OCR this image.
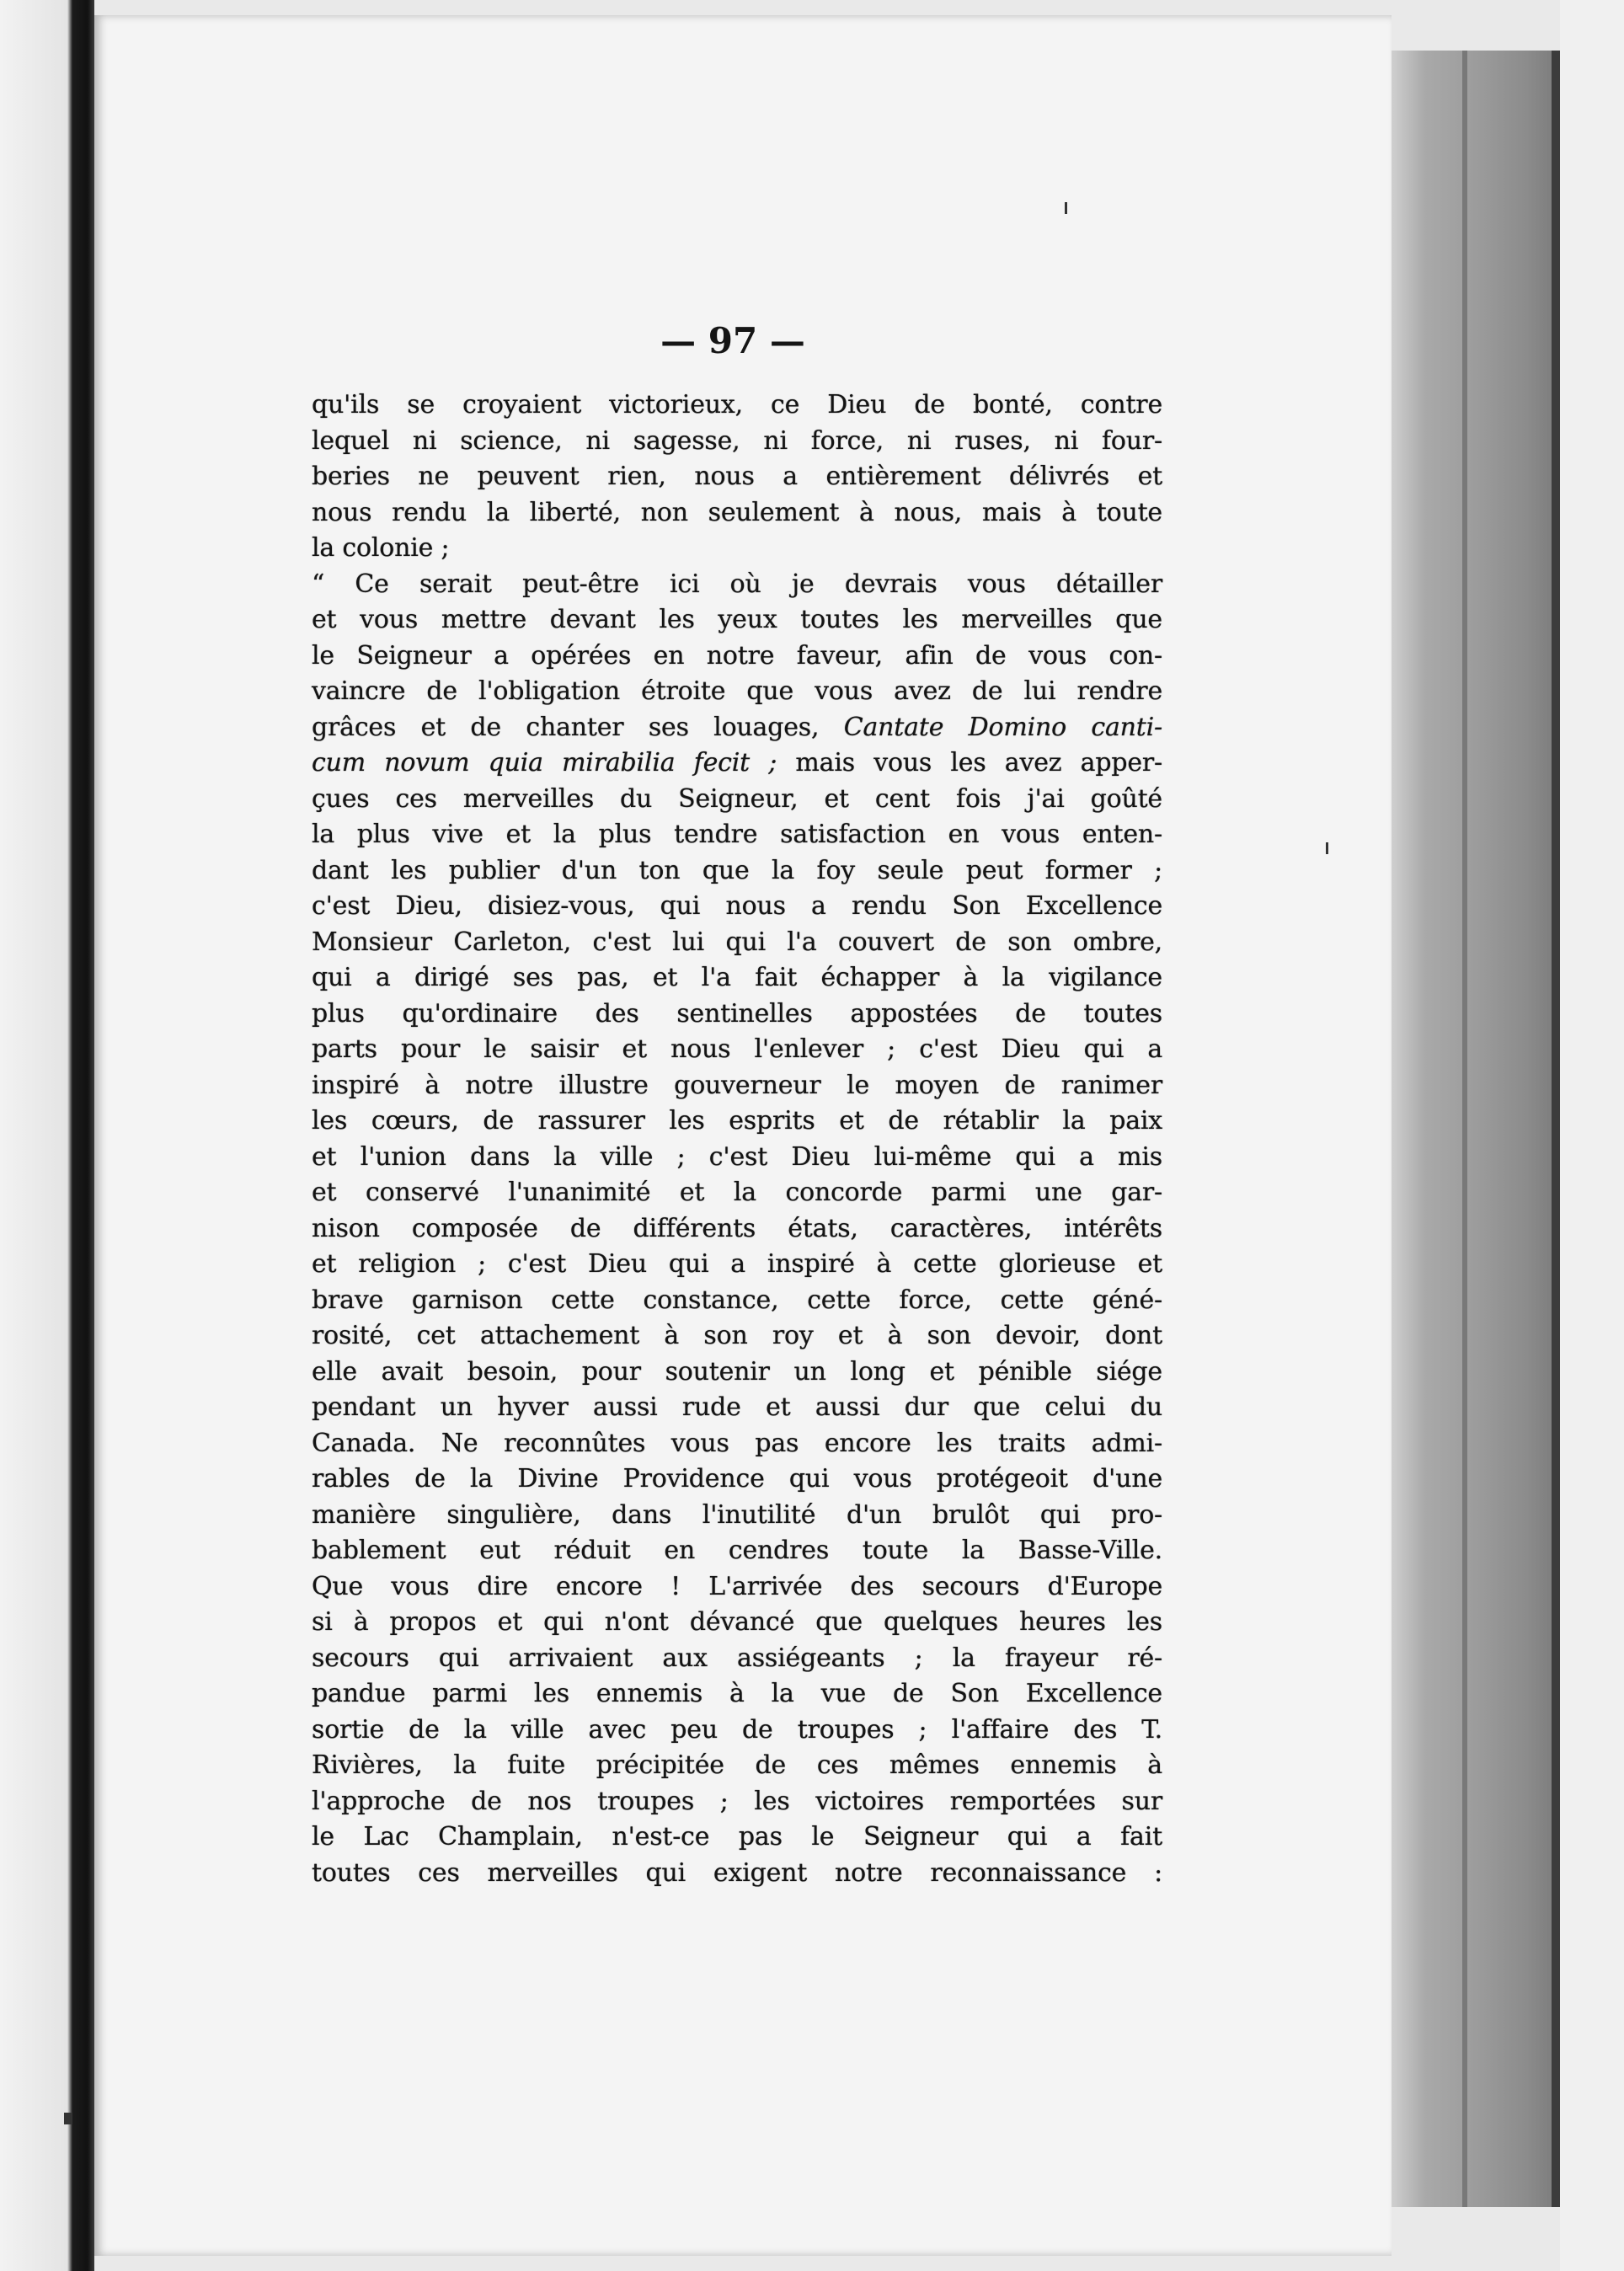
— 97 —
qu'ils se croyaient victorieux, ce Dieu de bonté, contre
lequel ni science, ni sagesse, ni force, ni ruses, ni four-
beries ne peuvent rien, nous a entièrement délivrés et
nous rendu la liberté, non seulement à nous, mais à toute
la colonie ;
“ Ce serait peut-être ici où je devrais vous détailler
et vous mettre devant les yeux toutes les merveilles que
le Seigneur a opérées en notre faveur, afin de vous con-
vaincre de l'obligation étroite que vous avez de lui rendre
grâces et de chanter ses louages, Cantate Domino canti-
cum novum quia mirabilia fecit ; mais vous les avez apper-
çues ces merveilles du Seigneur, et cent fois j'ai goûté
la plus vive et la plus tendre satisfaction en vous enten-
dant les publier d'un ton que la foy seule peut former ;
c'est Dieu, disiez-vous, qui nous a rendu Son Excellence
Monsieur Carleton, c'est lui qui l'a couvert de son ombre,
qui a dirigé ses pas, et l'a fait échapper à la vigilance
plus qu'ordinaire des sentinelles appostées de toutes
parts pour le saisir et nous l'enlever ; c'est Dieu qui a
inspiré à notre illustre gouverneur le moyen de ranimer
les cœurs, de rassurer les esprits et de rétablir la paix
et l'union dans la ville ; c'est Dieu lui-même qui a mis
et conservé l'unanimité et la concorde parmi une gar-
nison composée de différents états, caractères, intérêts
et religion ; c'est Dieu qui a inspiré à cette glorieuse et
brave garnison cette constance, cette force, cette géné-
rosité, cet attachement à son roy et à son devoir, dont
elle avait besoin, pour soutenir un long et pénible siége
pendant un hyver aussi rude et aussi dur que celui du
Canada. Ne reconnûtes vous pas encore les traits admi-
rables de la Divine Providence qui vous protégeoit d'une
manière singulière, dans l'inutilité d'un brulôt qui pro-
bablement eut réduit en cendres toute la Basse-Ville.
Que vous dire encore ! L'arrivée des secours d'Europe
si à propos et qui n'ont dévancé que quelques heures les
secours qui arrivaient aux assiégeants ; la frayeur ré-
pandue parmi les ennemis à la vue de Son Excellence
sortie de la ville avec peu de troupes ; l'affaire des T.
Rivières, la fuite précipitée de ces mêmes ennemis à
l'approche de nos troupes ; les victoires remportées sur
le Lac Champlain, n'est-ce pas le Seigneur qui a fait
toutes ces merveilles qui exigent notre reconnaissance :
